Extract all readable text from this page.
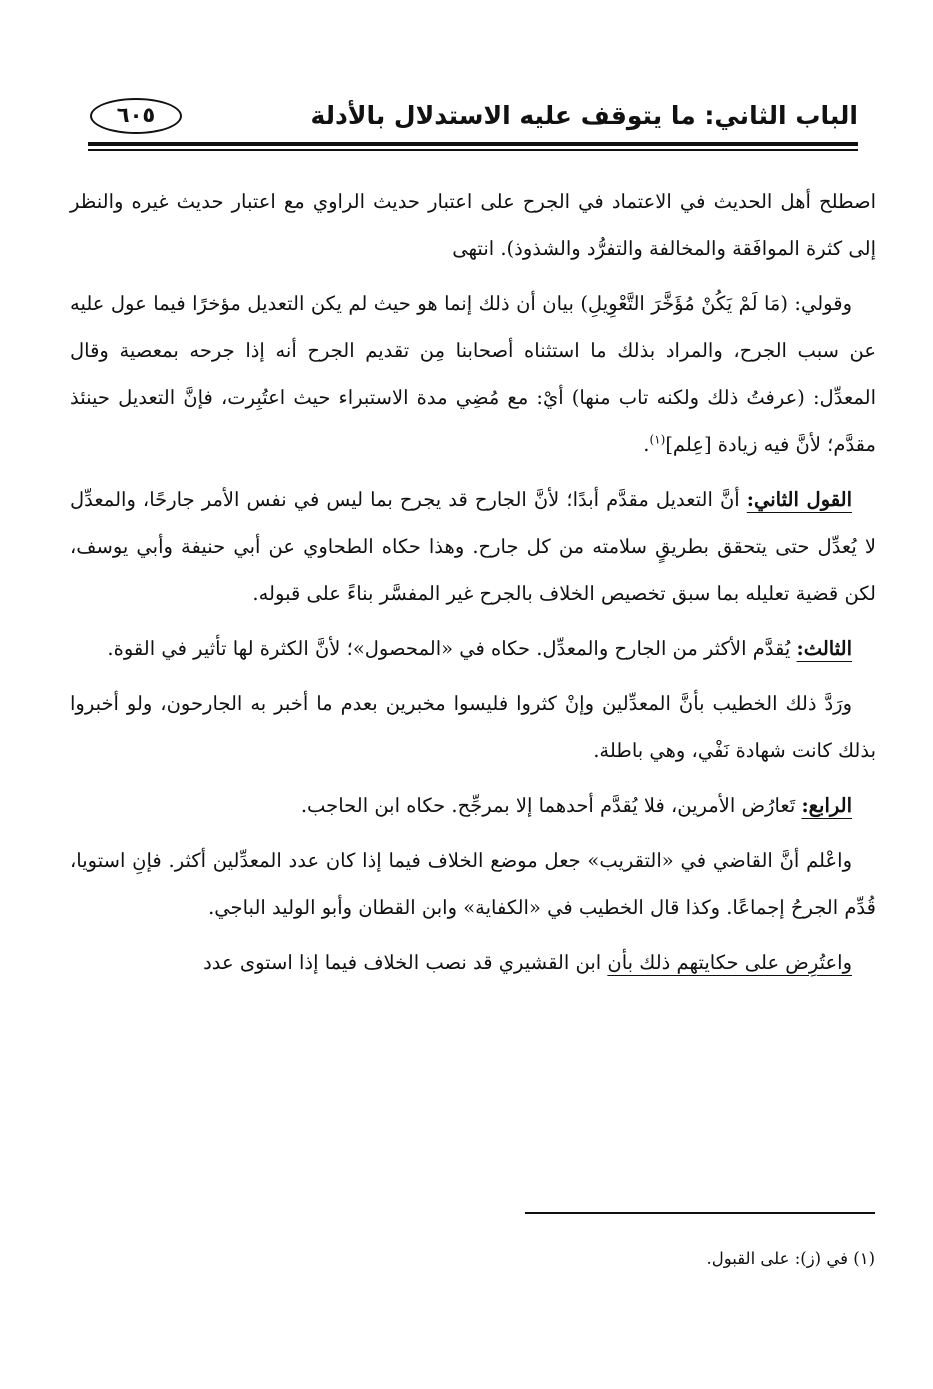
الباب الثاني: ما يتوقف عليه الاستدلال بالأدلة
٦٠٥

اصطلح أهل الحديث في الاعتماد في الجرح على اعتبار حديث الراوي مع اعتبار حديث غيره والنظر إلى كثرة الموافَقة والمخالفة والتفرُّد والشذوذ). انتهى

وقولي: (مَا لَمْ يَكُنْ مُؤَخَّرَ التَّعْوِيلِ) بيان أن ذلك إنما هو حيث لم يكن التعديل مؤخرًا فيما عول عليه عن سبب الجرح، والمراد بذلك ما استثناه أصحابنا مِن تقديم الجرح أنه إذا جرحه بمعصية وقال المعدِّل: (عرفتُ ذلك ولكنه تاب منها) أيْ: مع مُضِي مدة الاستبراء حيث اعتُبِرت، فإنَّ التعديل حينئذ مقدَّم؛ لأنَّ فيه زيادة [عِلم]$^{(١)}$.

القول الثاني: أنَّ التعديل مقدَّم أبدًا؛ لأنَّ الجارح قد يجرح بما ليس في نفس الأمر جارحًا، والمعدِّل لا يُعدِّل حتى يتحقق بطريقٍ سلامته من كل جارح. وهذا حكاه الطحاوي عن أبي حنيفة وأبي يوسف، لكن قضية تعليله بما سبق تخصيص الخلاف بالجرح غير المفسَّر بناءً على قبوله.

الثالث: يُقدَّم الأكثر من الجارح والمعدِّل. حكاه في «المحصول»؛ لأنَّ الكثرة لها تأثير في القوة.

ورَدَّ ذلك الخطيب بأنَّ المعدِّلين وإنْ كثروا فليسوا مخبرين بعدم ما أخبر به الجارحون، ولو أخبروا بذلك كانت شهادة نَفْي، وهي باطلة.

الرابع: تَعارُض الأمرين، فلا يُقدَّم أحدهما إلا بمرجِّح. حكاه ابن الحاجب.

واعْلم أنَّ القاضي في «التقريب» جعل موضع الخلاف فيما إذا كان عدد المعدِّلين أكثر. فإنِ استويا، قُدِّم الجرحُ إجماعًا. وكذا قال الخطيب في «الكفاية» وابن القطان وأبو الوليد الباجي.

واعتُرِض على حكايتهم ذلك بأن ابن القشيري قد نصب الخلاف فيما إذا استوى عدد

(١) في (ز): على القبول.
